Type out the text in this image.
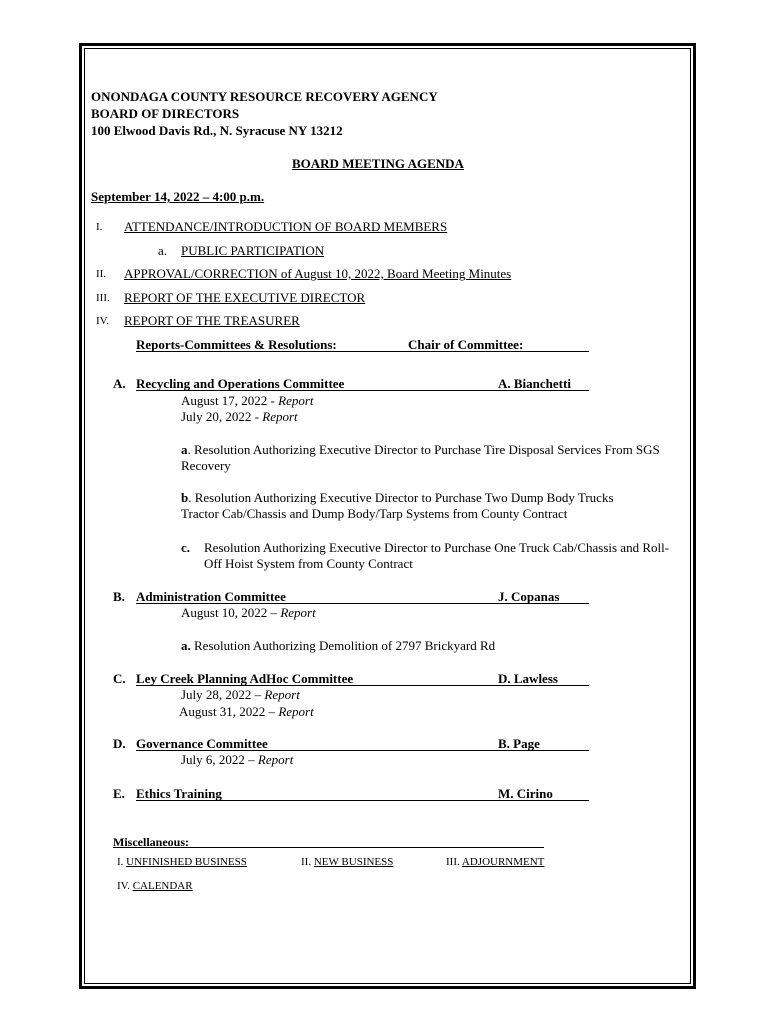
ONONDAGA COUNTY RESOURCE RECOVERY AGENCY
BOARD OF DIRECTORS
100 Elwood Davis Rd., N. Syracuse NY 13212
BOARD MEETING AGENDA
September 14, 2022 – 4:00 p.m.
I. ATTENDANCE/INTRODUCTION OF BOARD MEMBERS
a. PUBLIC PARTICIPATION
II. APPROVAL/CORRECTION of August 10, 2022, Board Meeting Minutes
III. REPORT OF THE EXECUTIVE DIRECTOR
IV. REPORT OF THE TREASURER
Reports-Committees & Resolutions:	Chair of Committee:
A. Recycling and Operations Committee	A. Bianchetti
August 17, 2022 - Report
July 20, 2022 - Report
a. Resolution Authorizing Executive Director to Purchase Tire Disposal Services From SGS Recovery
b. Resolution Authorizing Executive Director to Purchase Two Dump Body Trucks Tractor Cab/Chassis and Dump Body/Tarp Systems from County Contract
c. Resolution Authorizing Executive Director to Purchase One Truck Cab/Chassis and Roll-Off Hoist System from County Contract
B. Administration Committee	J. Copanas
August 10, 2022 – Report
a. Resolution Authorizing Demolition of 2797 Brickyard Rd
C. Ley Creek Planning AdHoc Committee	D. Lawless
July 28, 2022 – Report
August 31, 2022 – Report
D. Governance Committee	B. Page
July 6, 2022 – Report
E. Ethics Training	M. Cirino
Miscellaneous:
I. UNFINISHED BUSINESS	II. NEW BUSINESS	III. ADJOURNMENT
IV. CALENDAR
